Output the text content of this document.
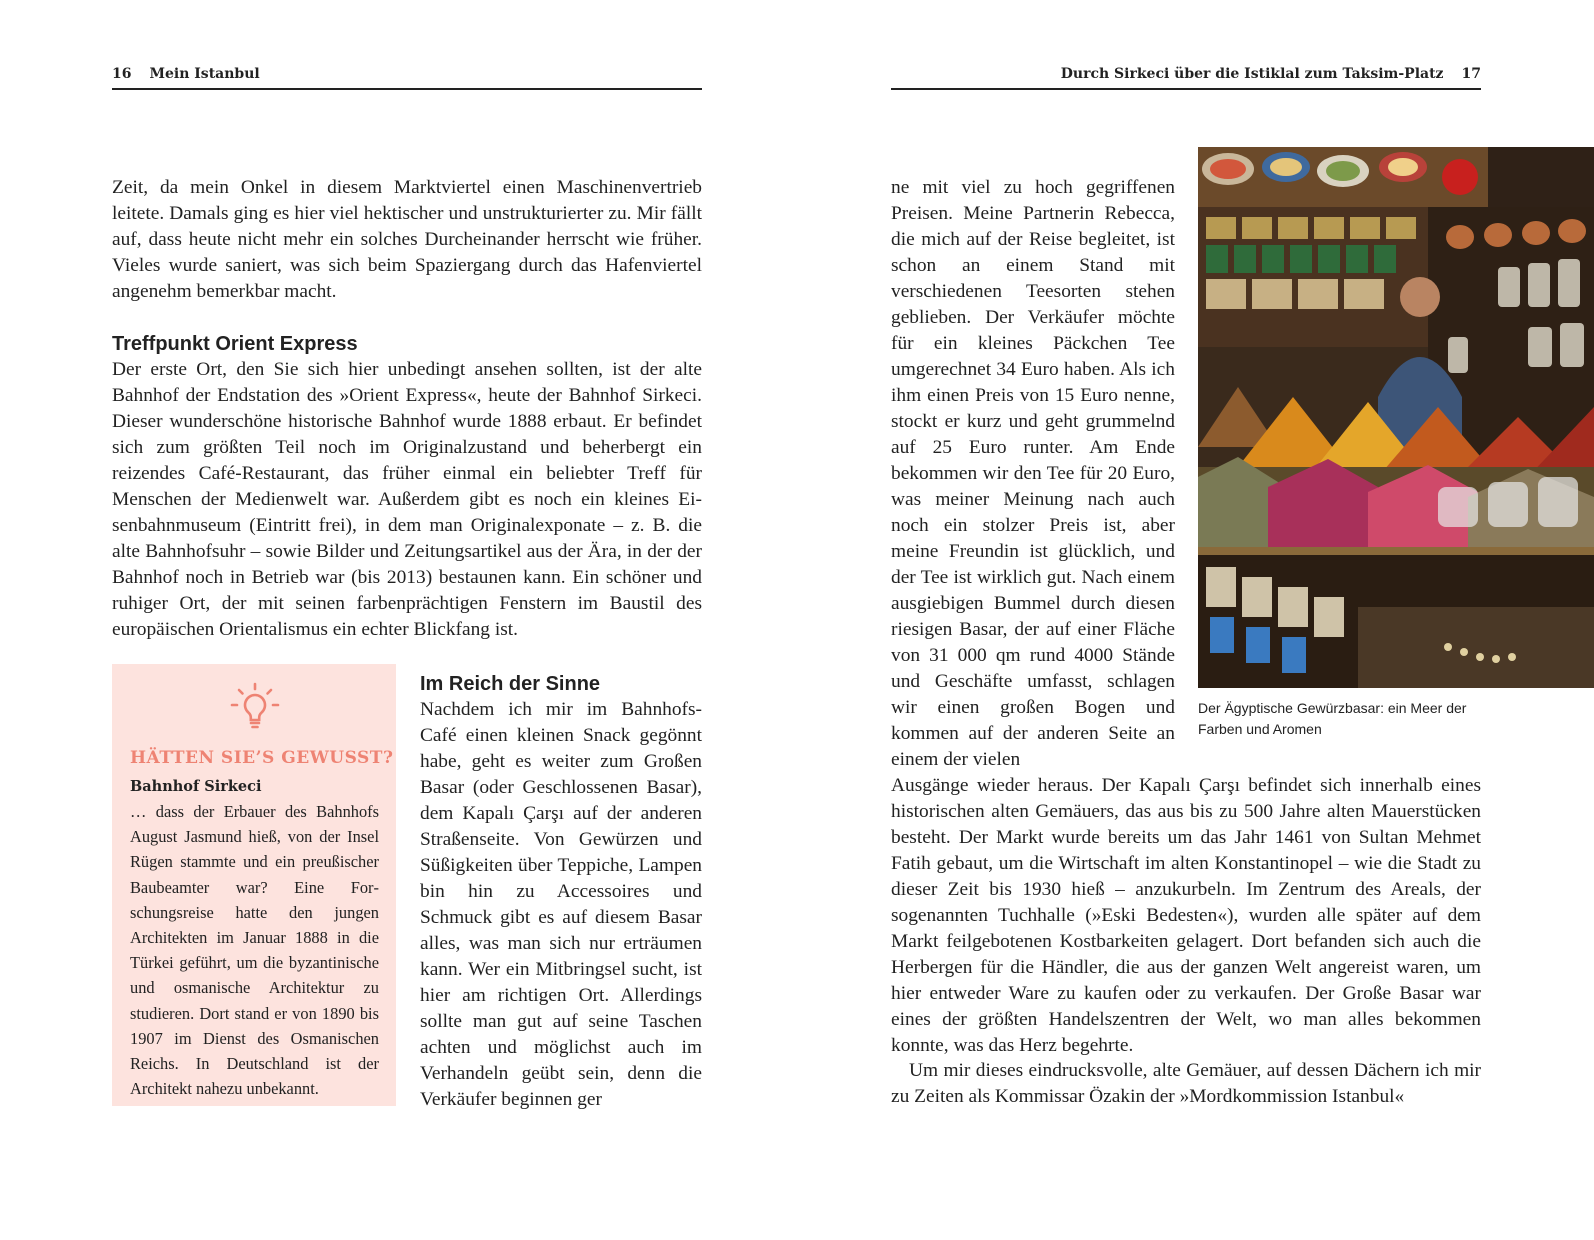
16 Mein Istanbul

Zeit, da mein Onkel in diesem Marktviertel einen Maschinenvertrieb leitete. Damals ging es hier viel hektischer und unstrukturierter zu. Mir fällt auf, dass heute nicht mehr ein solches Durcheinander herrscht wie früher. Vieles wurde saniert, was sich beim Spaziergang durch das Hafenviertel angenehm bemerkbar macht.

Treffpunkt Orient Express

Der erste Ort, den Sie sich hier unbedingt ansehen sollten, ist der alte Bahnhof der Endstation des »Orient Express«, heute der Bahnhof Sirkeci. Dieser wunderschöne historische Bahnhof wurde 1888 erbaut. Er befindet sich zum größten Teil noch im Originalzustand und beherbergt ein reizendes Café-Restaurant, das früher einmal ein beliebter Treff für Menschen der Medienwelt war. Außerdem gibt es noch ein kleines Eisenbahnmuseum (Eintritt frei), in dem man Originalexponate – z. B. die alte Bahnhofsuhr – sowie Bilder und Zeitungsartikel aus der Ära, in der der Bahnhof noch in Betrieb war (bis 2013) bestaunen kann. Ein schöner und ruhiger Ort, der mit seinen farbenprächtigen Fenstern im Baustil des europäischen Orientalismus ein echter Blickfang ist.

HÄTTEN SIE’S GEWUSST?
Bahnhof Sirkeci

… dass der Erbauer des Bahnhofs August Jasmund hieß, von der Insel Rügen stammte und ein preußischer Baubeamter war? Eine Forschungsreise hatte den jungen Architekten im Januar 1888 in die Türkei geführt, um die byzantinische und osmanische Architektur zu studieren. Dort stand er von 1890 bis 1907 im Dienst des Osmanischen Reichs. In Deutschland ist der Architekt nahezu unbekannt.

Im Reich der Sinne

Nachdem ich mir im Bahnhofs-Café einen kleinen Snack gegönnt habe, geht es weiter zum Großen Basar (oder Geschlossenen Basar), dem Kapalı Çarşı auf der anderen Straßenseite. Von Gewürzen und Süßigkeiten über Teppiche, Lampen bin hin zu Accessoires und Schmuck gibt es auf diesem Basar alles, was man sich nur erträumen kann. Wer ein Mitbringsel sucht, ist hier am richtigen Ort. Allerdings sollte man gut auf seine Taschen achten und möglichst auch im Verhandeln geübt sein, denn die Verkäufer beginnen ger

Durch Sirkeci über die Istiklal zum Taksim-Platz 17

ne mit viel zu hoch gegriffenen Preisen. Meine Partnerin Rebecca, die mich auf der Reise begleitet, ist schon an einem Stand mit verschiedenen Teesorten stehen geblieben. Der Verkäufer möchte für ein kleines Päckchen Tee umgerechnet 34 Euro haben. Als ich ihm einen Preis von 15 Euro nenne, stockt er kurz und geht grummelnd auf 25 Euro runter. Am Ende bekommen wir den Tee für 20 Euro, was meiner Meinung nach auch noch ein stolzer Preis ist, aber meine Freundin ist glücklich, und der Tee ist wirklich gut. Nach einem ausgiebigen Bummel durch diesen riesigen Basar, der auf einer Fläche von 31 000 qm rund 4000 Stände und Geschäfte umfasst, schlagen wir einen großen Bogen und kommen auf der anderen Seite an einem der vielen

Der Ägyptische Gewürzbasar: ein Meer der Farben und Aromen

Ausgänge wieder heraus. Der Kapalı Çarşı befindet sich innerhalb eines historischen alten Gemäuers, das aus bis zu 500 Jahre alten Mauerstücken besteht. Der Markt wurde bereits um das Jahr 1461 von Sultan Mehmet Fatih gebaut, um die Wirtschaft im alten Konstantinopel – wie die Stadt zu dieser Zeit bis 1930 hieß – anzukurbeln. Im Zentrum des Areals, der sogenannten Tuchhalle (»Eski Bedesten«), wurden alle später auf dem Markt feilgebotenen Kostbarkeiten gelagert. Dort befanden sich auch die Herbergen für die Händler, die aus der ganzen Welt angereist waren, um hier entweder Ware zu kaufen oder zu verkaufen. Der Große Basar war eines der größten Handelszentren der Welt, wo man alles bekommen konnte, was das Herz begehrte.

Um mir dieses eindrucksvolle, alte Gemäuer, auf dessen Dächern ich mir zu Zeiten als Kommissar Özakin der »Mordkommission Istanbul«
